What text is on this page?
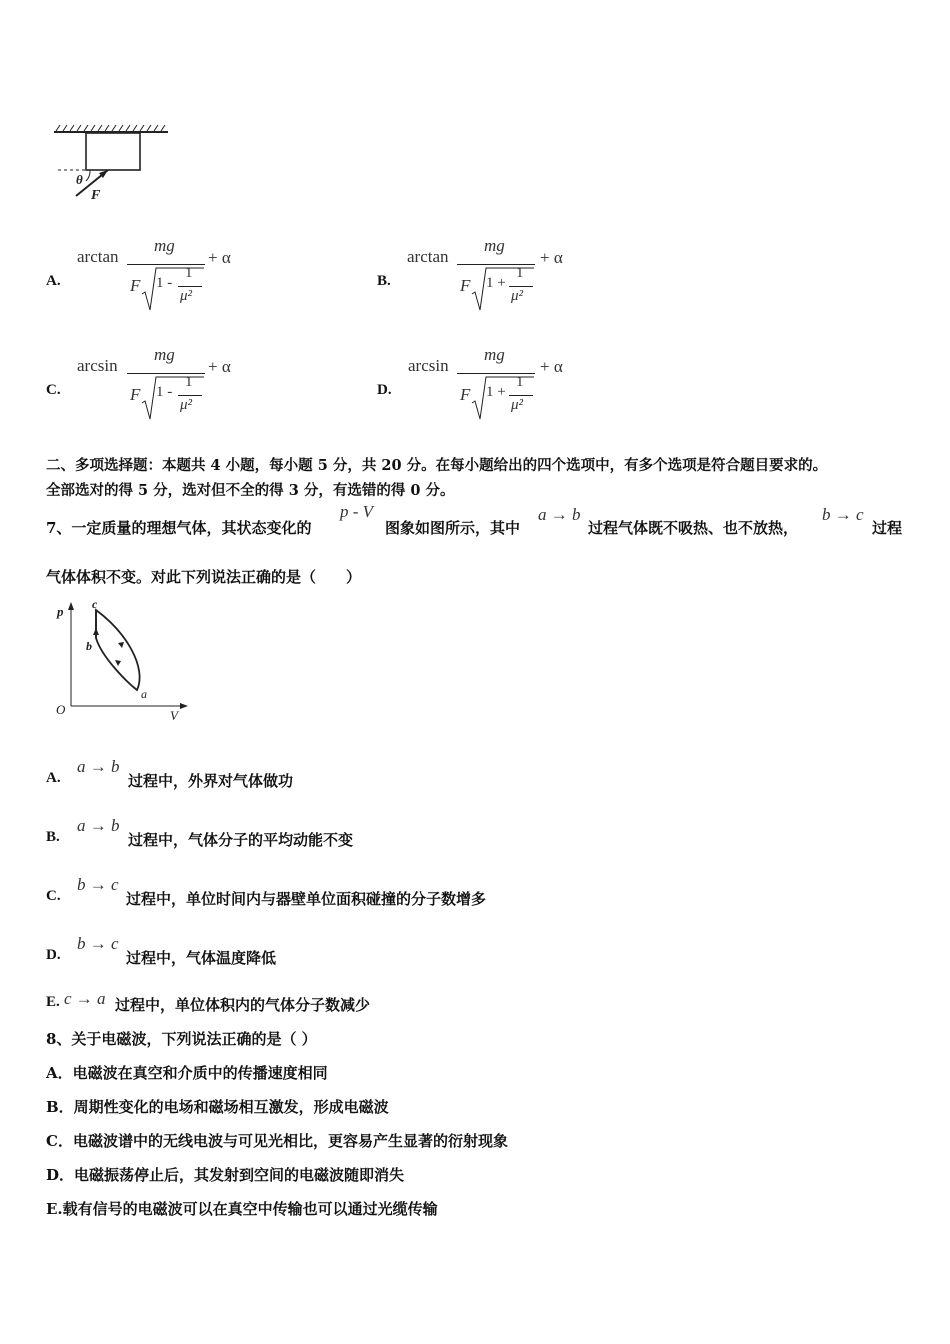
θ
F
A.
arctan
mg
F 1 -
1
μ²
+ α
B.
arctan
mg
F 1 +
1
μ²
+ α
C.
arcsin
mg
F 1 -
1
μ²
+ α
D.
arcsin
mg
F 1 +
1
μ²
+ α
二、多项选择题：本题共 4 小题，每小题 5 分，共 20 分。在每小题给出的四个选项中，有多个选项是符合题目要求的。
全部选对的得 5 分，选对但不全的得 3 分，有选错的得 0 分。
7、一定质量的理想气体，其状态变化的
p - V
图象如图所示，其中
a → b
过程气体既不吸热、也不放热，
b → c
过程
气体体积不变。对此下列说法正确的是（　　）
p
V
O
c
b
a
A.
a → b
过程中，外界对气体做功
B.
a → b
过程中，气体分子的平均动能不变
C.
b → c
过程中，单位时间内与器壁单位面积碰撞的分子数增多
D.
b → c
过程中，气体温度降低
E. c → a 过程中，单位体积内的气体分子数减少
8、关于电磁波，下列说法正确的是（ ）
A．电磁波在真空和介质中的传播速度相同
B．周期性变化的电场和磁场相互激发，形成电磁波
C．电磁波谱中的无线电波与可见光相比，更容易产生显著的衍射现象
D．电磁振荡停止后，其发射到空间的电磁波随即消失
E.载有信号的电磁波可以在真空中传输也可以通过光缆传输
